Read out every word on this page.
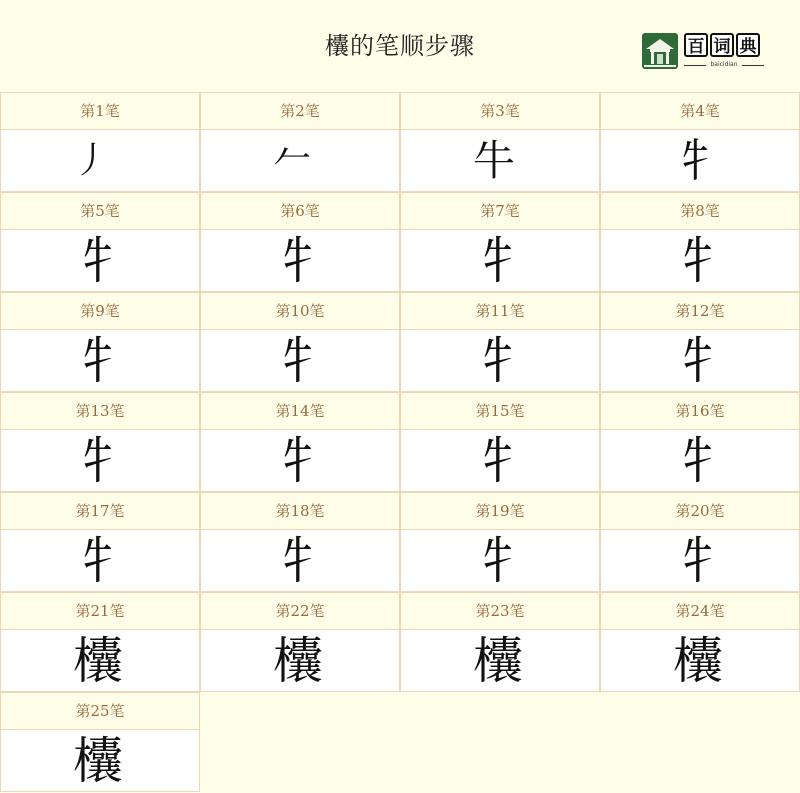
欜的笔顺步骤	百 词 典
baicidian
第1笔
丿
第2笔
𠂉
第3笔
牛
第4笔
牜
第5笔
牜
第6笔
牜
第7笔
牜
第8笔
牜
第9笔
牜
第10笔
牜
第11笔
牜
第12笔
牜
第13笔
牜
第14笔
牜
第15笔
牜
第16笔
牜
第17笔
牜
第18笔
牜
第19笔
牜
第20笔
牜
第21笔
欜
第22笔
欜
第23笔
欜
第24笔
欜
第25笔
欜
